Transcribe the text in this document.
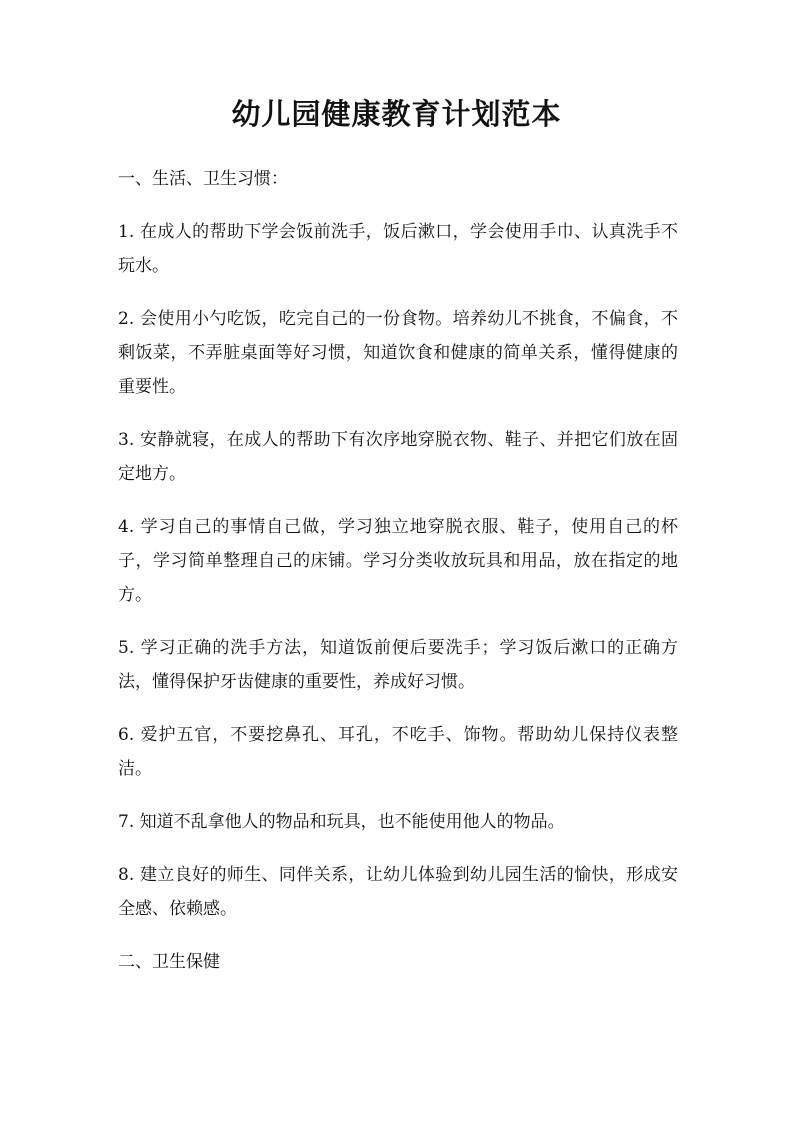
幼儿园健康教育计划范本

一、生活、卫生习惯：

1. 在成人的帮助下学会饭前洗手，饭后漱口，学会使用手巾、认真洗手不玩水。

2. 会使用小勺吃饭，吃完自己的一份食物。培养幼儿不挑食，不偏食，不剩饭菜，不弄脏桌面等好习惯，知道饮食和健康的简单关系，懂得健康的重要性。

3. 安静就寝，在成人的帮助下有次序地穿脱衣物、鞋子、并把它们放在固定地方。

4. 学习自己的事情自己做，学习独立地穿脱衣服、鞋子，使用自己的杯子，学习简单整理自己的床铺。学习分类收放玩具和用品，放在指定的地方。

5. 学习正确的洗手方法，知道饭前便后要洗手；学习饭后漱口的正确方法，懂得保护牙齿健康的重要性，养成好习惯。

6. 爱护五官，不要挖鼻孔、耳孔，不吃手、饰物。帮助幼儿保持仪表整洁。

7. 知道不乱拿他人的物品和玩具，也不能使用他人的物品。

8. 建立良好的师生、同伴关系，让幼儿体验到幼儿园生活的愉快，形成安全感、依赖感。

二、卫生保健
